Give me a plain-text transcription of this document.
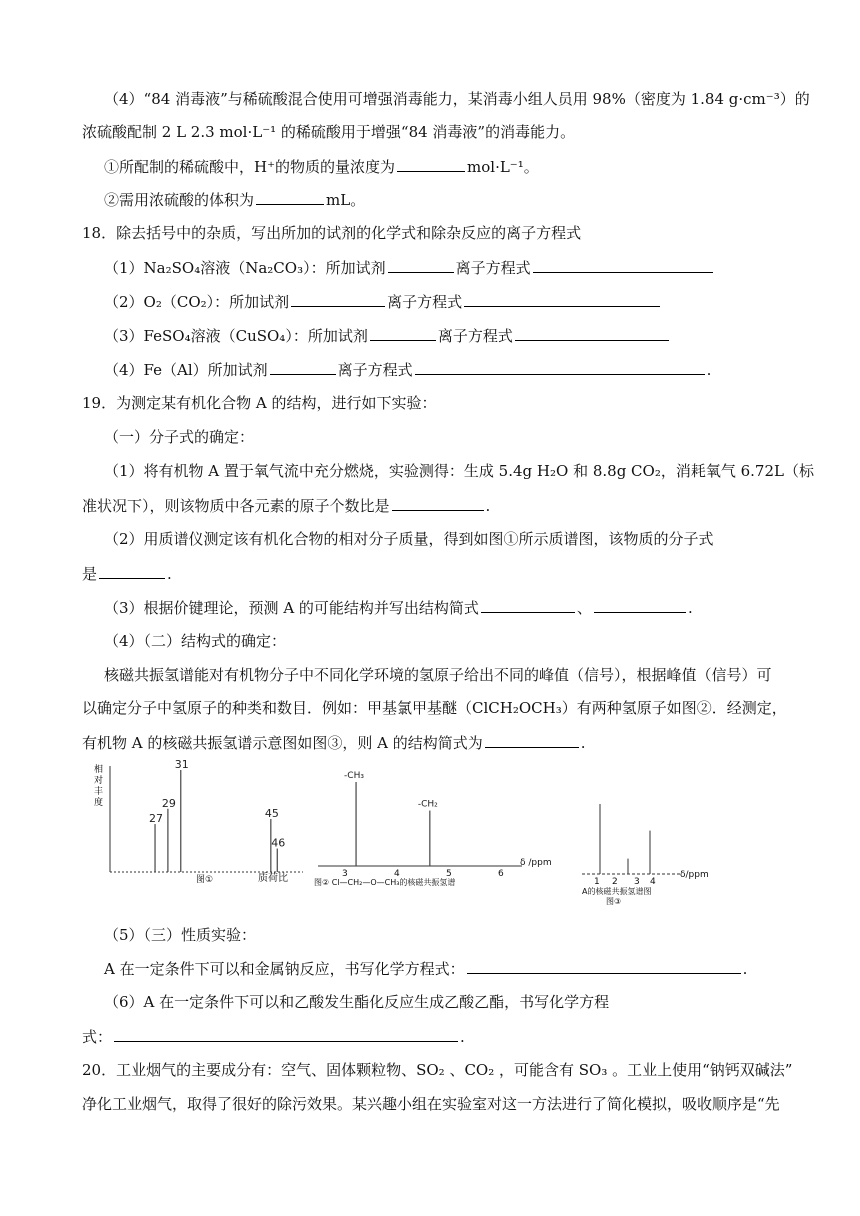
（4）“84 消毒液”与稀硫酸混合使用可增强消毒能力，某消毒小组人员用 98%（密度为 1.84 g·cm⁻³）的
浓硫酸配制 2 L 2.3 mol·L⁻¹ 的稀硫酸用于增强“84 消毒液”的消毒能力。
①所配制的稀硫酸中，H⁺的物质的量浓度为	mol·L⁻¹。
②需用浓硫酸的体积为	mL。
18．除去括号中的杂质，写出所加的试剂的化学式和除杂反应的离子方程式
（1）Na₂SO₄溶液（Na₂CO₃）：所加试剂	离子方程式
（2）O₂（CO₂）：所加试剂	离子方程式
（3）FeSO₄溶液（CuSO₄）：所加试剂	离子方程式
（4）Fe（Al）所加试剂	离子方程式	.
19．为测定某有机化合物 A 的结构，进行如下实验：
（一）分子式的确定：
（1）将有机物 A 置于氧气流中充分燃烧，实验测得：生成 5.4g H₂O 和 8.8g CO₂，消耗氧气 6.72L（标
准状况下），则该物质中各元素的原子个数比是	.
（2）用质谱仪测定该有机化合物的相对分子质量，得到如图①所示质谱图，该物质的分子式
是	.
（3）根据价键理论，预测 A 的可能结构并写出结构简式	、	.
（4）（二）结构式的确定：
核磁共振氢谱能对有机物分子中不同化学环境的氢原子给出不同的峰值（信号），根据峰值（信号）可
以确定分子中氢原子的种类和数目．例如：甲基氯甲基醚（ClCH₂OCH₃）有两种氢原子如图②．经测定，
有机物 A 的核磁共振氢谱示意图如图③，则 A 的结构简式为	.
相
对
丰
度
27
29
31
45
46
质荷比
图①
-CH₃
-CH₂
δ /ppm
3	4	5	6
图② Cl—CH₂—O—CH₃的核磁共振氢谱
δ/ppm
1 2 3 4
A的核磁共振氢谱图
图③
（5）（三）性质实验：
A 在一定条件下可以和金属钠反应，书写化学方程式：	.
（6）A 在一定条件下可以和乙酸发生酯化反应生成乙酸乙酯，书写化学方程
式：	.
20．工业烟气的主要成分有：空气、固体颗粒物、SO₂ 、CO₂ ，可能含有 SO₃ 。工业上使用“钠钙双碱法”
净化工业烟气，取得了很好的除污效果。某兴趣小组在实验室对这一方法进行了简化模拟，吸收顺序是“先
